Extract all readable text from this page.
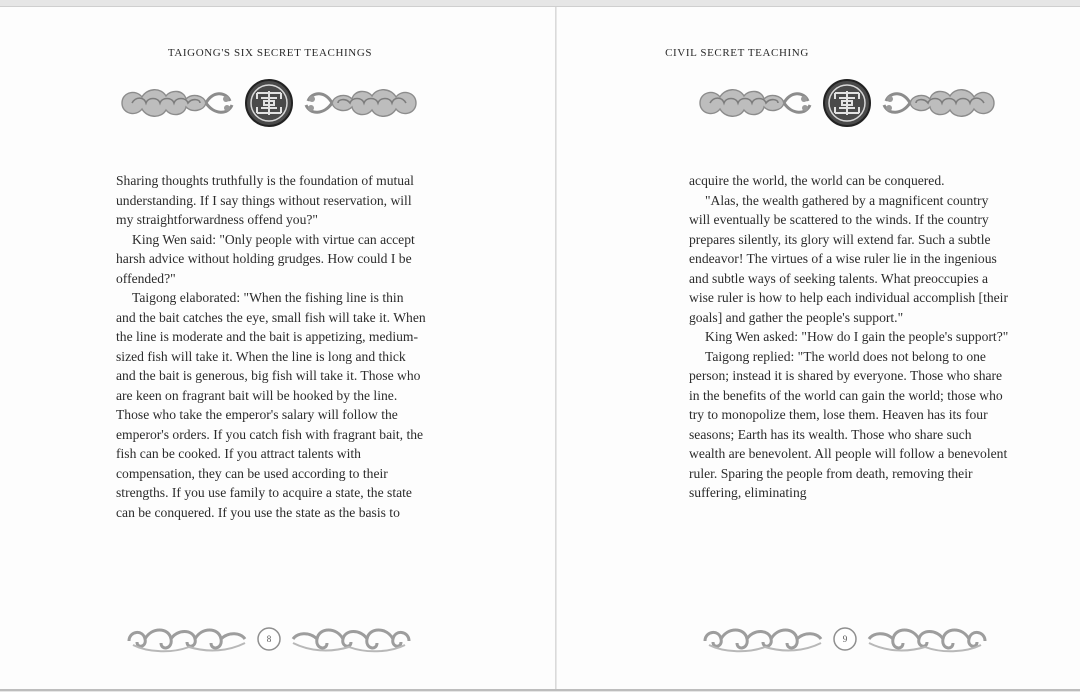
TAIGONG'S SIX SECRET TEACHINGS

Sharing thoughts truthfully is the foundation of mutual understanding. If I say things without reservation, will my straightforwardness offend you?"

King Wen said: "Only people with virtue can accept harsh advice without holding grudges. How could I be offended?"

Taigong elaborated: "When the fishing line is thin and the bait catches the eye, small fish will take it. When the line is moderate and the bait is appetizing, medium-sized fish will take it. When the line is long and thick and the bait is generous, big fish will take it. Those who are keen on fragrant bait will be hooked by the line. Those who take the emperor's salary will follow the emperor's orders. If you catch fish with fragrant bait, the fish can be cooked. If you attract talents with compensation, they can be used according to their strengths. If you use family to acquire a state, the state can be conquered. If you use the state as the basis to

8
CIVIL SECRET TEACHING

acquire the world, the world can be conquered.

"Alas, the wealth gathered by a magnificent country will eventually be scattered to the winds. If the country prepares silently, its glory will extend far. Such a subtle endeavor! The virtues of a wise ruler lie in the ingenious and subtle ways of seeking talents. What preoccupies a wise ruler is how to help each individual accomplish [their goals] and gather the people's support."

King Wen asked: "How do I gain the people's support?"

Taigong replied: "The world does not belong to one person; instead it is shared by everyone. Those who share in the benefits of the world can gain the world; those who try to monopolize them, lose them. Heaven has its four seasons; Earth has its wealth. Those who share such wealth are benevolent. All people will follow a benevolent ruler. Sparing the people from death, removing their suffering, eliminating

9
